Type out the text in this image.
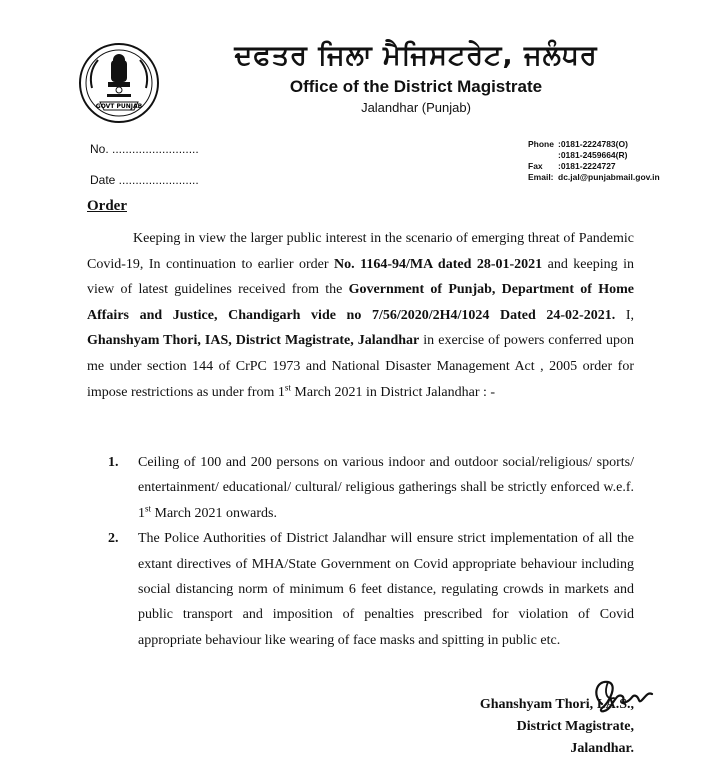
GOVT PUNJAB
ਦਫਤਰ ਜਿਲਾ ਮੈਜਿਸਟਰੇਟ, ਜਲੰਧਰ
Office of the District Magistrate
Jalandhar (Punjab)
No. ..........................
Date ........................
Phone :0181-2224783(O)
:0181-2459664(R)
Fax	:0181-2224727
Email: dc.jal@punjabmail.gov.in
Order

Keeping in view the larger public interest in the scenario of emerging threat of Pandemic Covid-19, In continuation to earlier order No. 1164-94/MA dated 28-01-2021 and keeping in view of latest guidelines received from the Government of Punjab, Department of Home Affairs and Justice, Chandigarh vide no 7/56/2020/2H4/1024 Dated 24-02-2021. I, Ghanshyam Thori, IAS, District Magistrate, Jalandhar in exercise of powers conferred upon me under section 144 of CrPC 1973 and National Disaster Management Act , 2005 order for impose restrictions as under from 1st March 2021 in District Jalandhar : -

1.	Ceiling of 100 and 200 persons on various indoor and outdoor social/religious/ sports/ entertainment/ educational/ cultural/ religious gatherings shall be strictly enforced w.e.f. 1st March 2021 onwards.
2.	The Police Authorities of District Jalandhar will ensure strict implementation of all the extant directives of MHA/State Government on Covid appropriate behaviour including social distancing norm of minimum 6 feet distance, regulating crowds in markets and public transport and imposition of penalties prescribed for violation of Covid appropriate behaviour like wearing of face masks and spitting in public etc.
Ghanshyam Thori, I.A.S.,
District Magistrate,
Jalandhar.
